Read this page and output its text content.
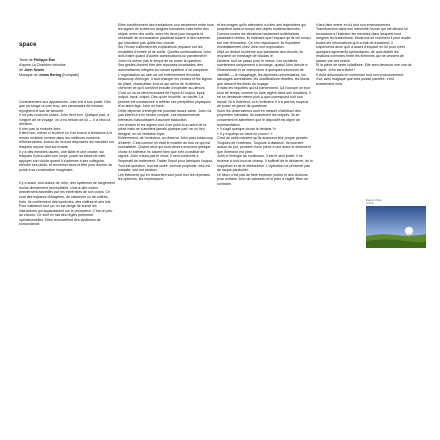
space
Texte de Philippe Éon
d'après La Chambre chinoise
de John Searle
Musique de Jonas Bering [Kompakt]

Contrairement aux apparences, John est à son poste. Dès que ça bouge un peu trop, ses camarades de mission rejoignent le sas de sécurité.
Il n'a pas voulu les suivre. John tient bon. Quelque part, à l'origine de ce voyage, on a eu besoin de lui — il a vécu la décision.
Il n'en pas la moindre idée.
Il tient bon, même si la pièce où il se trouve a tendance à le rendre invisible comme dans les meilleurs numéros d'illusionnistes. Autour de lui sont disposées les meubles sur lesquels repose tout son travail.
Il y a des meubles usuels, une table et une chaise, sur lesquels il peut caler son corps, poser sa tasse de café, appuyer son coude quand il s'adresse à ses collègues, étendre ses pieds, et renverser alors la tête pour donner du poids à sa construction imaginaire.

Il y a aussi, tout autour de John, des systèmes de rangement moins directement perceptibles, c'est-à-dire moins directement assimilés par les extrémités de son corps. Ce sont des espaces d'étagères, de classeurs ou de coffres-forts. Ils contiennent des symboles, des chiffres et des lois. Pour maintenir tout ça, on est obligé de suivre les instructions qui apparaissent sur le prompteur. C'est un peu du chinois. Ce sont en fait des règles purement opérationnelles. Elles renouvellent des systèmes de concordance.

Elles conditionnent des traductions non seulement entre tous les signes de toutes les langues humaines mais entre des objets, entre des outils, entre les lieux pour lesquels la nécessité de la translation paraîtrait bizarre à des hommes qui n'auraient pas quitté leur monde.
Sur l'écran s'affichent les explications requises sur les modalités d'entrée et de sortie. Quelles combinaisons John doit-il faire quand d'autres combinaisons lui parviennent? John n'a même pas le temps de se poser la question.
Ses gestes doivent être des réponses invariables, des automatismes intégrés au nouvel système d'un complexe.
L'organisation au sein de cet enfermement récursive beaucoup d'énergie. Il faut changer les choses et les signes de place, réactualiser tout ce qui arrive de l'extérieur, chercher ce qu'il convient ensuite d'expédier au-dehors.
C'est un va-et-vient incessant de l'input à l'output, input, output, input, output. Dès qu'on broutille, on vacille. La pensée est condamnée à refléter ces pérépéties physiques d'un autre âge. John en bave.
Cette dépense d'énergie est pourtant assez vaine. John n'a pas intérêt à s'en rendre compte. Les déplacements inférieurs n'aboutissent à aucune traduction.
Les choses et les signes vont d'un point à un autre de la pièce mais ne s'arrêtent jamais quelque part, en un lieu désigné, en un véritable foyer.
Evidemment, de l'extérieur, on observe John avec beaucoup d'intérêt. C'est comme s'il était le modèle de tout ce qui est souhaitable. Quand ceux qui sont dehors envoient quelque chose à l'intérieur, ils savent bien que s'en constitue de signes. John n'aura pas le choix, il sera confronté à l'impératif de traitement. Traiter l'input pour fabriquer l'output. Tout est question, tout est ordre, tout est projectile, tout est maladie, tout est relation.
Les éléments qui en ressortent sont pour eux les réponses, les opinions, les impressions

et les images qu'ils attendent ou bien des trajectoires qui projettent dans le temps des objets surdimensionnés.
Comme toutes les situations hautement sollicitatives paraissent réelles, ils estiment que l'espace qu'ils ont conçu est une rétroaction. Ce n'en réjouissent. Ils exploitent immédiatement chez John une exploration.
Déjà on déduit conforme aux standards des circuits, ils recyclent un message de Nicolas le.
Dedans, tout se passe pour le mieux. Les incidents surviennent uniquement à la marge, quand John désole à l'illusionniste et se cramponne à quelques souvenirs de visibilité — le maquillage, les diplômes universitaires, les tatouages surréalistes, les scarifications rituelles, les tissus que laissent les éléas du voyage.
Il traite les requêtes qui lui parviennent. Ça l'occupe un bon bout de temps, comme un tube digéré dans ses fonctions. Il ne se demande même plus à quoi correspond tout son travail. Ni à l'intérieur, ni à l'extérieur, il n'a pas les moyens de poser ce genre de questions.
Sous les observateurs sont en mesure d'attribuer des propriétés mentales. Ils examinent les outputs. Ils se concertent et admettent que le dispositif est digne de représentation.
« Il s'agit quelque chose le dedans ?»
« Il y a quelqu'un dans ce cocon ! »
C'est de cette manière qu'ils avancent leur propre pensée. Toujours de l'extérieur. Toujours à distance. Ils tournent autour du pot, pensent d'une pièce à une autre et déduisent que l'intérieur est plein.
John a l'énergie du continuum, il est le seul posté, il ne reverse à tout bout de champ. Il suffirait de le déclamer, de le supprimer et de le débrancher. L'opération ne présente pas de risque particulier.
Le fœux n'est pas de faire exploser portes et des cloisons pour extraire John du vaisseau et le jeter à l'agité. Bien au contraire,

il faut faire entrer en lui tout son environnement. Transformons dans son intériorité l'écran qui est devant lui. Incrustons à l'intérieur les meubles dans lesquels sont rangées les traductions. Montrons-lui comment il peut avaler toutes les informations qu'il a trait de transférer. Il s'apercevra alors qu'il a assez d'espace en lui pour créer quelques agréments symboliques, de quoi établir les relations correctes entre les éléments qui ne cessent de passer par ses mains.
Si la pièce se serre volatilisée. Elle sera devenue une vue de l'esprit. John sera libéré !
Il vivra désormais en contenant tout son environnement.
Gur, avec magique que cela puisse paraître, c'est exactement cela.

Dance Urine
(2002)
